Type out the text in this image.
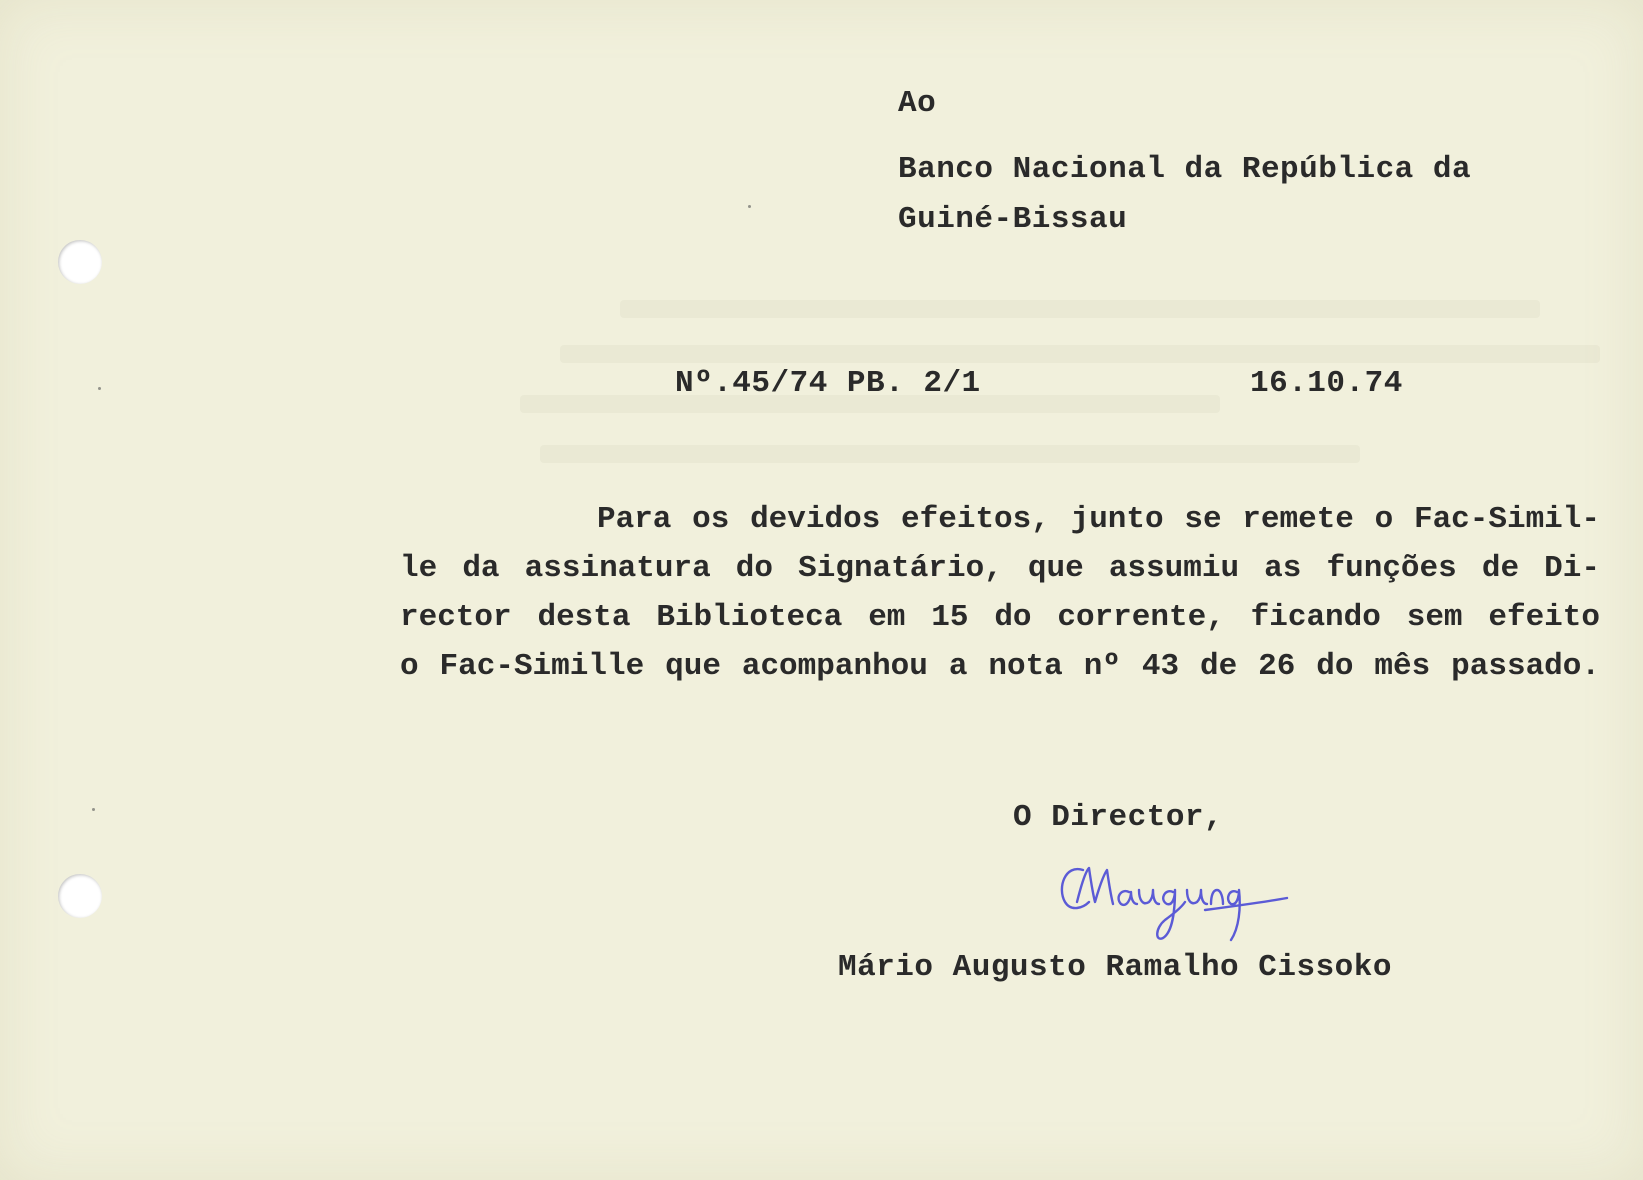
Ao
Banco Nacional da República da
Guiné-Bissau
Nº.45/74 PB. 2/1	16.10.74
Para os devidos efeitos, junto se remete o Fac-Simil-
le da assinatura do Signatário, que assumiu as funções de Di-
rector desta Biblioteca em 15 do corrente, ficando sem efeito
o Fac-Simille que acompanhou a nota nº 43 de 26 do mês passado.
O Director,
Mário Augusto Ramalho Cissoko
